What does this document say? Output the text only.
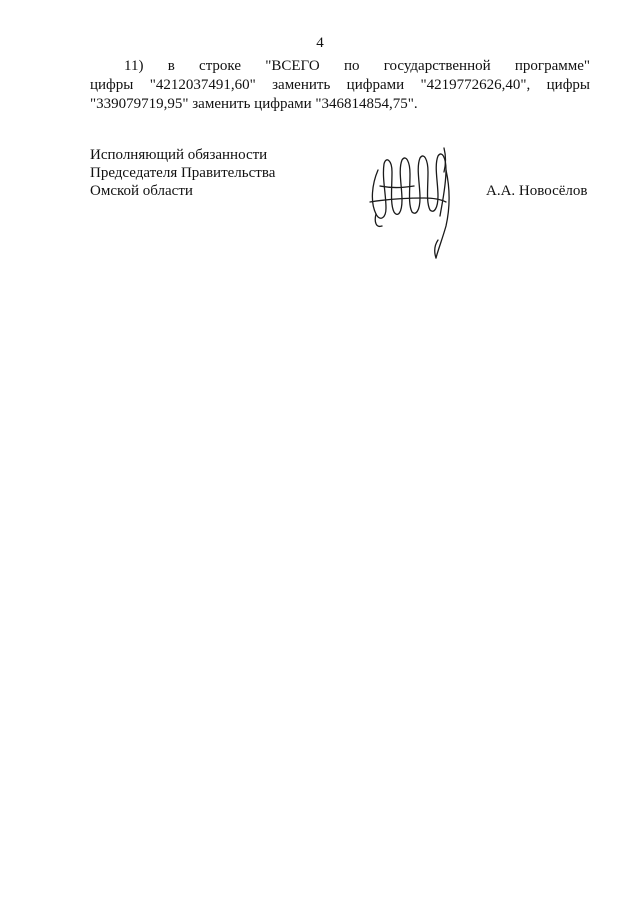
4
11) в строке "ВСЕГО по государственной программе"
цифры "4212037491,60" заменить цифрами "4219772626,40", цифры
"339079719,95" заменить цифрами "346814854,75".
Исполняющий обязанности
Председателя Правительства
Омской области	А.А. Новосёлов
